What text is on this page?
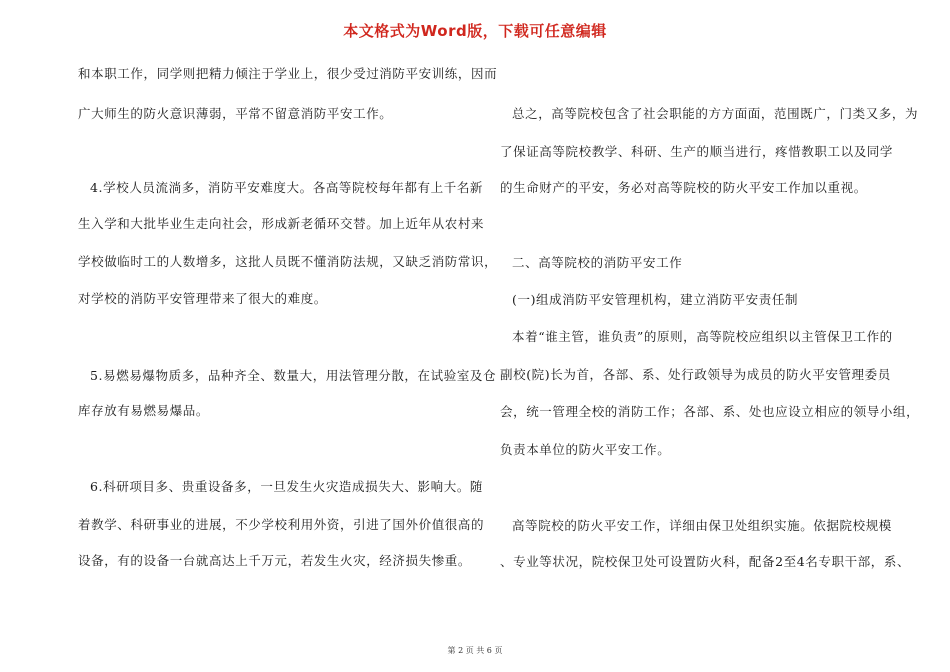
本文格式为Word版，下载可任意编辑
和本职工作，同学则把精力倾注于学业上，很少受过消防平安训练，因而
广大师生的防火意识薄弱，平常不留意消防平安工作。
4.学校人员流淌多，消防平安难度大。各高等院校每年都有上千名新
生入学和大批毕业生走向社会，形成新老循环交替。加上近年从农村来
学校做临时工的人数增多，这批人员既不懂消防法规，又缺乏消防常识，
对学校的消防平安管理带来了很大的难度。
5.易燃易爆物质多，品种齐全、数量大，用法管理分散，在试验室及仓
库存放有易燃易爆品。
6.科研项目多、贵重设备多，一旦发生火灾造成损失大、影响大。随
着教学、科研事业的进展，不少学校利用外资，引进了国外价值很高的
设备，有的设备一台就高达上千万元，若发生火灾，经济损失惨重。
总之，高等院校包含了社会职能的方方面面，范围既广，门类又多，为
了保证高等院校教学、科研、生产的顺当进行，疼惜教职工以及同学
的生命财产的平安，务必对高等院校的防火平安工作加以重视。
二、高等院校的消防平安工作
(一)组成消防平安管理机构，建立消防平安责任制
本着“谁主管，谁负责”的原则，高等院校应组织以主管保卫工作的
副校(院)长为首，各部、系、处行政领导为成员的防火平安管理委员
会，统一管理全校的消防工作；各部、系、处也应设立相应的领导小组，
负责本单位的防火平安工作。
高等院校的防火平安工作，详细由保卫处组织实施。依据院校规模
、专业等状况，院校保卫处可设置防火科，配备2至4名专职干部，系、
第 2 页 共 6 页
